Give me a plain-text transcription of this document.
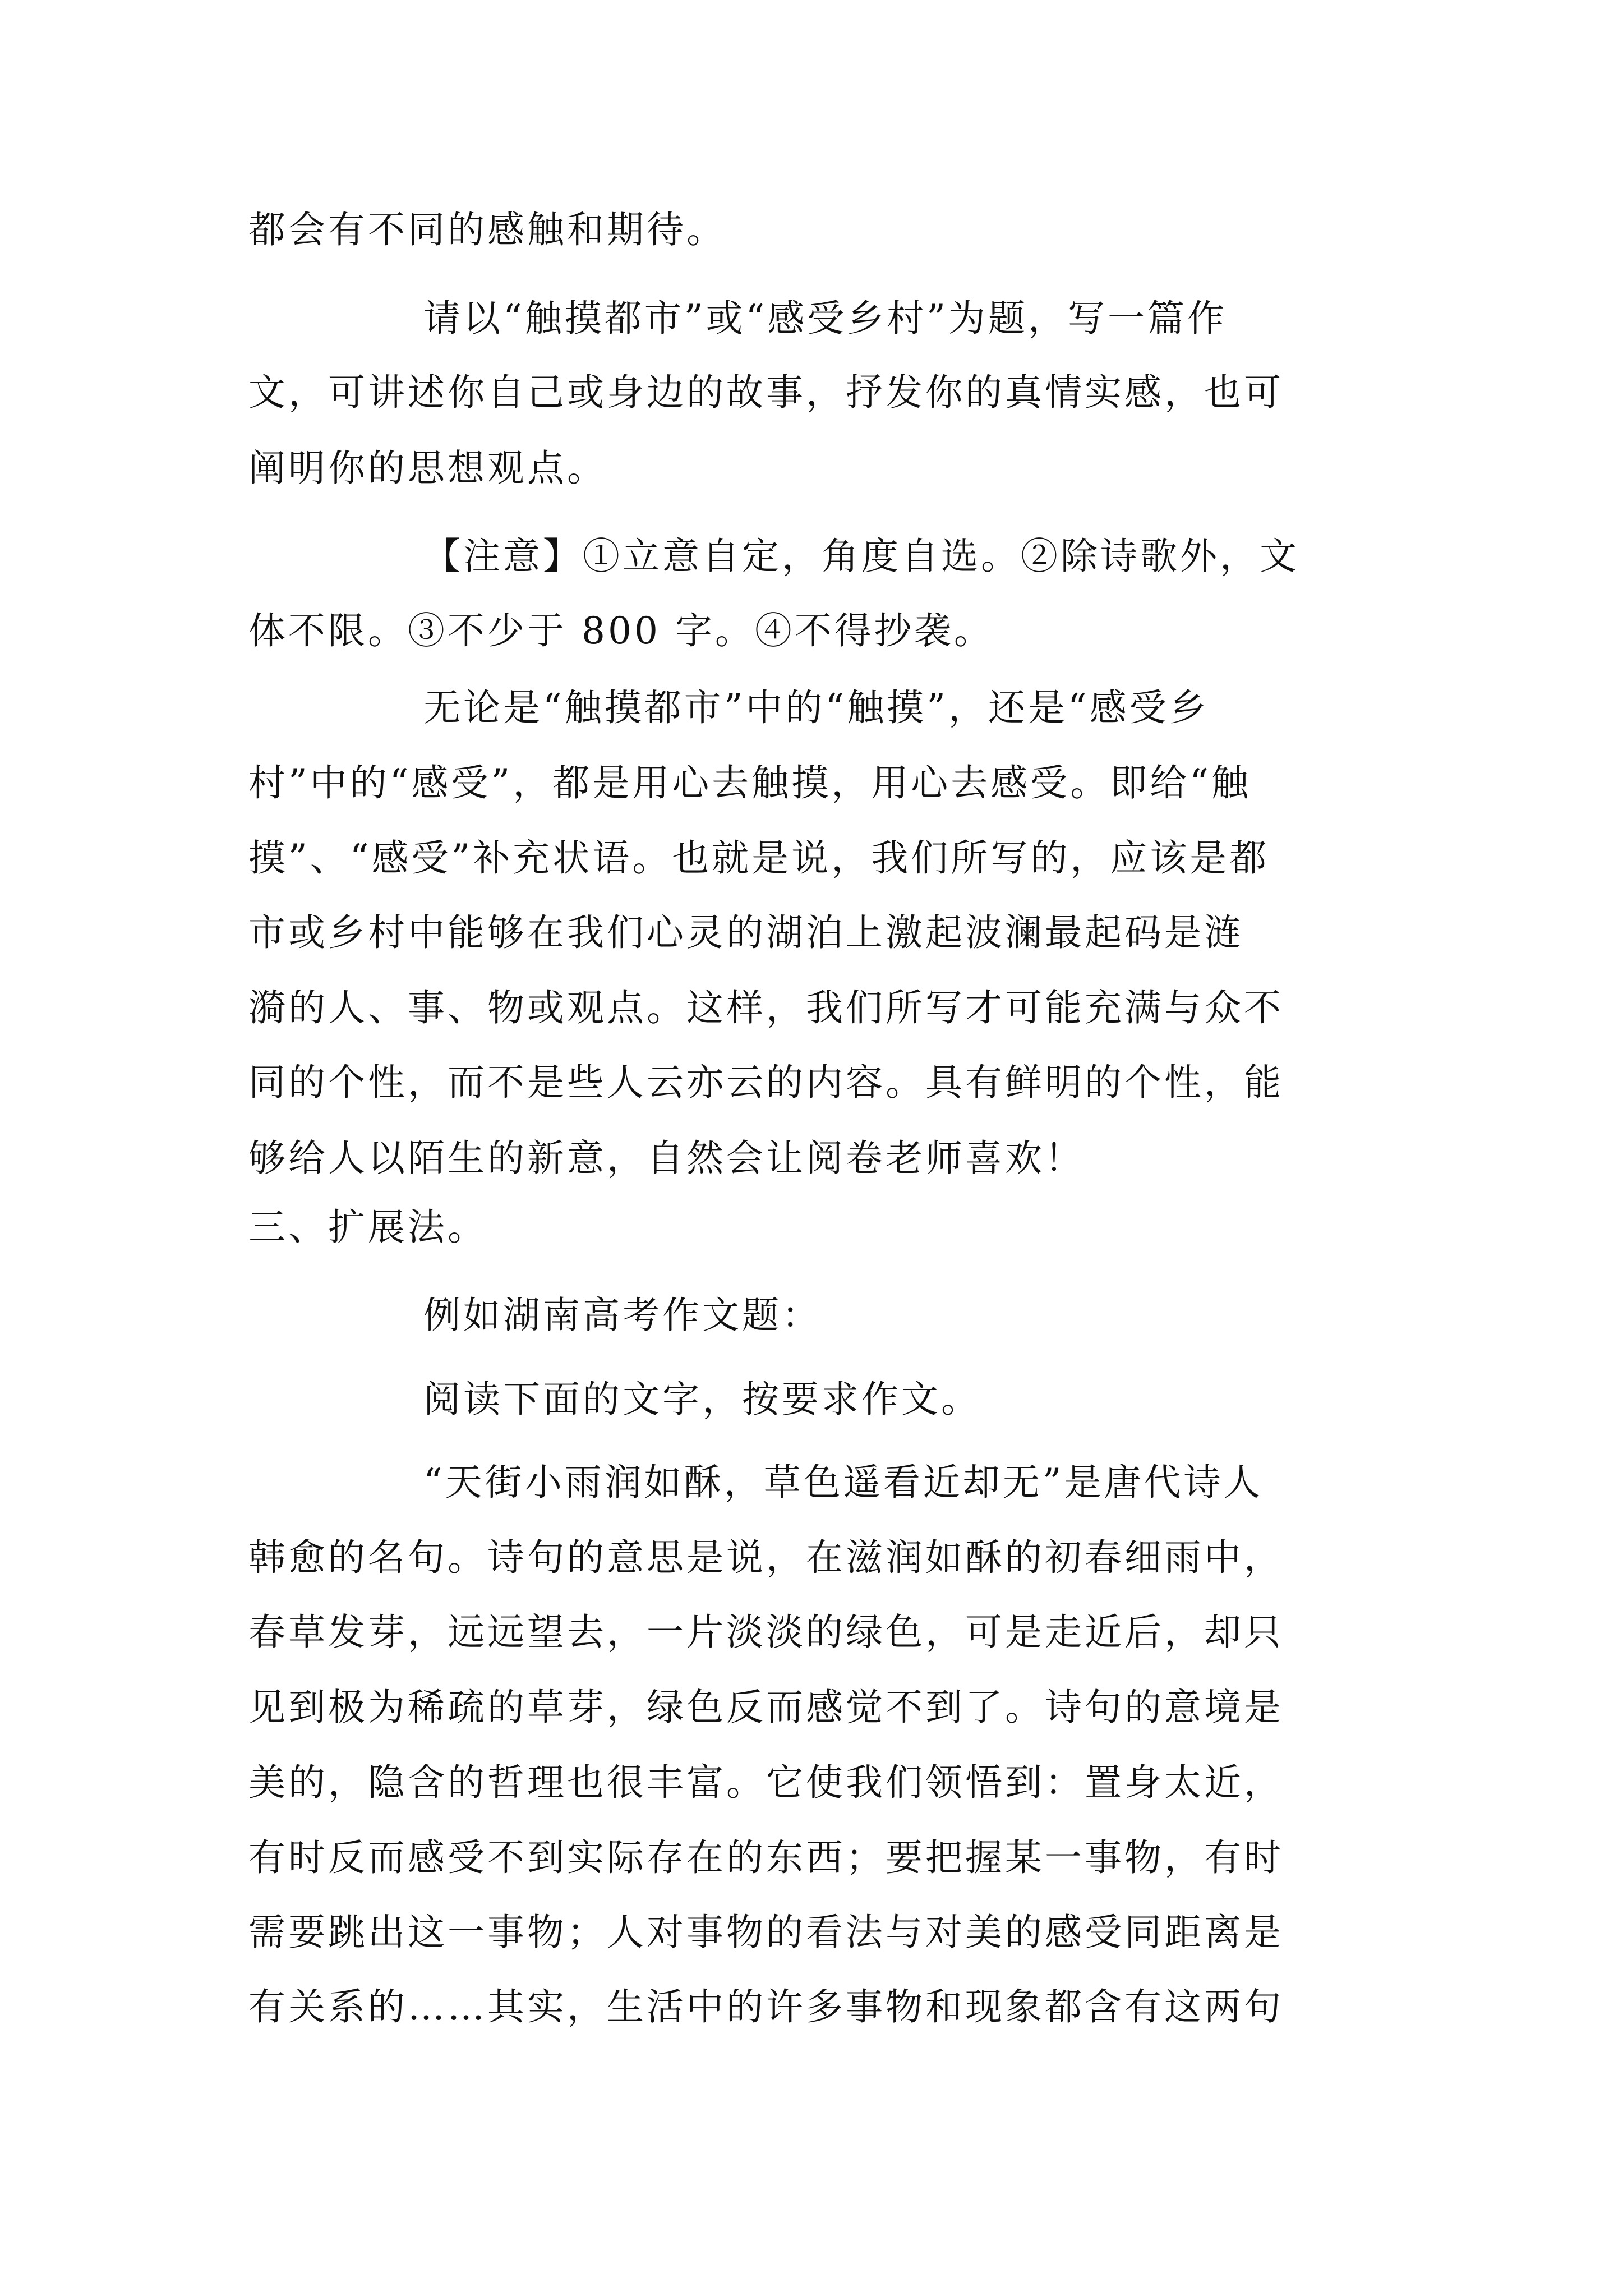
都会有不同的感触和期待。
请以“触摸都市”或“感受乡村”为题，写一篇作
文，可讲述你自己或身边的故事，抒发你的真情实感，也可
阐明你的思想观点。
【注意】①立意自定，角度自选。②除诗歌外，文
体不限。③不少于 800 字。④不得抄袭。
无论是“触摸都市”中的“触摸”，还是“感受乡
村”中的“感受”，都是用心去触摸，用心去感受。即给“触
摸”、“感受”补充状语。也就是说，我们所写的，应该是都
市或乡村中能够在我们心灵的湖泊上激起波澜最起码是涟
漪的人、事、物或观点。这样，我们所写才可能充满与众不
同的个性，而不是些人云亦云的内容。具有鲜明的个性，能
够给人以陌生的新意，自然会让阅卷老师喜欢！
三、扩展法。
例如湖南高考作文题：
阅读下面的文字，按要求作文。
“天街小雨润如酥，草色遥看近却无”是唐代诗人
韩愈的名句。诗句的意思是说，在滋润如酥的初春细雨中，
春草发芽，远远望去，一片淡淡的绿色，可是走近后，却只
见到极为稀疏的草芽，绿色反而感觉不到了。诗句的意境是
美的，隐含的哲理也很丰富。它使我们领悟到：置身太近，
有时反而感受不到实际存在的东西；要把握某一事物，有时
需要跳出这一事物；人对事物的看法与对美的感受同距离是
有关系的……其实，生活中的许多事物和现象都含有这两句
